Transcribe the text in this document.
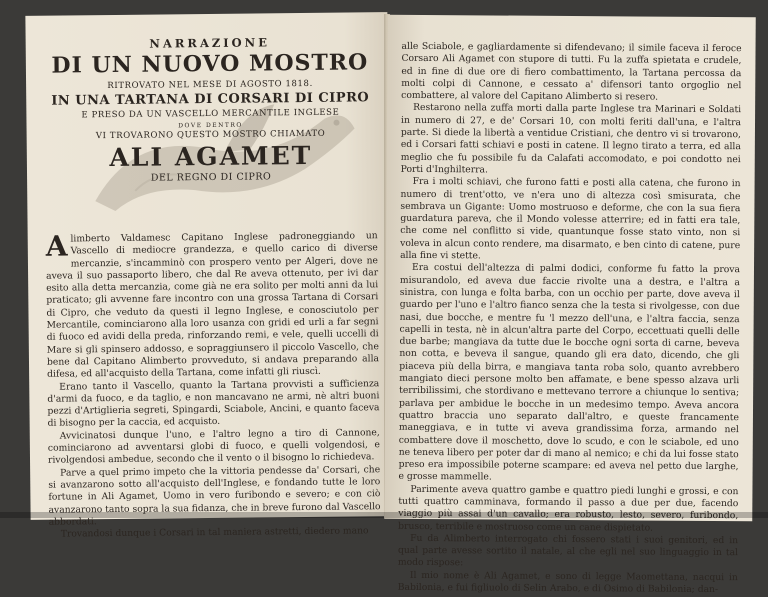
NARRAZIONE

DI UN NUOVO MOSTRO

RITROVATO NEL MESE DI AGOSTO 1818.

IN UNA TARTANA DI CORSARI DI CIPRO

E PRESO DA UN VASCELLO MERCANTILE INGLESE

DOVE DENTRO

VI TROVARONO QUESTO MOSTRO CHIAMATO

ALI AGAMET

DEL REGNO DI CIPRO

Alimberto Valdamesc Capitano Inglese padroneggiando un Vascello di mediocre grandezza, e quello carico di diverse mercanzie, s'incamminò con prospero vento per Algeri, dove ne aveva il suo passaporto libero, che dal Re aveva ottenuto, per ivi dar esito alla detta mercanzia, come già ne era solito per molti anni da lui praticato; gli avvenne fare incontro con una grossa Tartana di Corsari di Cipro, che veduto da questi il legno Inglese, e conosciutolo per Mercantile, cominciarono alla loro usanza con gridi ed urli a far segni di fuoco ed avidi della preda, rinforzando remi, e vele, quelli uccelli di Mare si gli spinsero addosso, e sopraggiunsero il piccolo Vascello, che bene dal Capitano Alimberto provveduto, si andava preparando alla difesa, ed all'acquisto della Tartana, come infatti gli riuscì.

Erano tanto il Vascello, quanto la Tartana provvisti a sufficienza d'armi da fuoco, e da taglio, e non mancavano ne armi, nè altri buoni pezzi d'Artiglieria segreti, Spingardi, Sciabole, Ancini, e quanto faceva di bisogno per la caccia, ed acquisto.

Avvicinatosi dunque l'uno, e l'altro legno a tiro di Cannone, cominciarono ad avventarsi globi di fuoco, e quelli volgendosi, e rivolgendosi ambedue, secondo che il vento o il bisogno lo richiedeva.

Parve a quel primo impeto che la vittoria pendesse da' Corsari, che si avanzarono sotto all'acquisto dell'Inglese, e fondando tutte le loro fortune in Ali Agamet, Uomo in vero furibondo e severo; e con ciò avanzarono tanto sopra la sua fidanza, che in breve furono dal Vascello abbordati.

Trovandosi dunque i Corsari in tal maniera astretti, diedero mano

alle Sciabole, e gagliardamente si difendevano; il simile faceva il feroce Corsaro Ali Agamet con stupore di tutti. Fu la zuffa spietata e crudele, ed in fine di due ore di fiero combattimento, la Tartana percossa da molti colpi di Cannone, e cessato a' difensori tanto orgoglio nel combattere, al valore del Capitano Alimberto si resero.

Restarono nella zuffa morti dalla parte Inglese tra Marinari e Soldati in numero di 27, e de' Corsari 10, con molti feriti dall'una, e l'altra parte. Si diede la libertà a ventidue Cristiani, che dentro vi si trovarono, ed i Corsari fatti schiavi e posti in catene. Il legno tirato a terra, ed alla meglio che fu possibile fu da Calafati accomodato, e poi condotto nei Porti d'Inghilterra.

Fra i molti schiavi, che furono fatti e posti alla catena, che furono in numero di trent'otto, ve n'era uno di altezza così smisurata, che sembrava un Gigante: Uomo mostruoso e deforme, che con la sua fiera guardatura pareva, che il Mondo volesse atterrire; ed in fatti era tale, che come nel conflitto si vide, quantunque fosse stato vinto, non si voleva in alcun conto rendere, ma disarmato, e ben cinto di catene, pure alla fine vi stette.

Era costui dell'altezza di palmi dodici, conforme fu fatto la prova misurandolo, ed aveva due faccie rivolte una a destra, e l'altra a sinistra, con lunga e folta barba, con un occhio per parte, dove aveva il guardo per l'uno e l'altro fianco senza che la testa si rivolgesse, con due nasi, due bocche, e mentre fu 'l mezzo dell'una, e l'altra faccia, senza capelli in testa, nè in alcun'altra parte del Corpo, eccettuati quelli delle due barbe; mangiava da tutte due le bocche ogni sorta di carne, beveva non cotta, e beveva il sangue, quando gli era dato, dicendo, che gli piaceva più della birra, e mangiava tanta roba solo, quanto avrebbero mangiato dieci persone molto ben affamate, e bene spesso alzava urli terribilissimi, che stordivano e mettevano terrore a chiunque lo sentiva; parlava per ambidue le bocche in un medesimo tempo. Aveva ancora quattro braccia uno separato dall'altro, e queste francamente maneggiava, e in tutte vi aveva grandissima forza, armando nel combattere dove il moschetto, dove lo scudo, e con le sciabole, ed uno ne teneva libero per poter dar di mano al nemico; e chi da lui fosse stato preso era impossibile poterne scampare: ed aveva nel petto due larghe, e grosse mammelle.

Parimente aveva quattro gambe e quattro piedi lunghi e grossi, e con tutti quattro camminava, formando il passo a due per due, facendo viaggio più assai d'un cavallo; era robusto, lesto, severo, furibondo, brusco, terribile e mostruoso come un cane dispietato.

Fu da Alimberto interrogato chi fossero stati i suoi genitori, ed in qual parte avesse sortito il natale, al che egli nel suo linguaggio in tal modo rispose:

Il mio nome è Ali Agamet, e sono di legge Maomettana, nacqui in Babilonia, e fui figliuolo di Selin Arabo, e di Osimo di Babilonia; dan-
